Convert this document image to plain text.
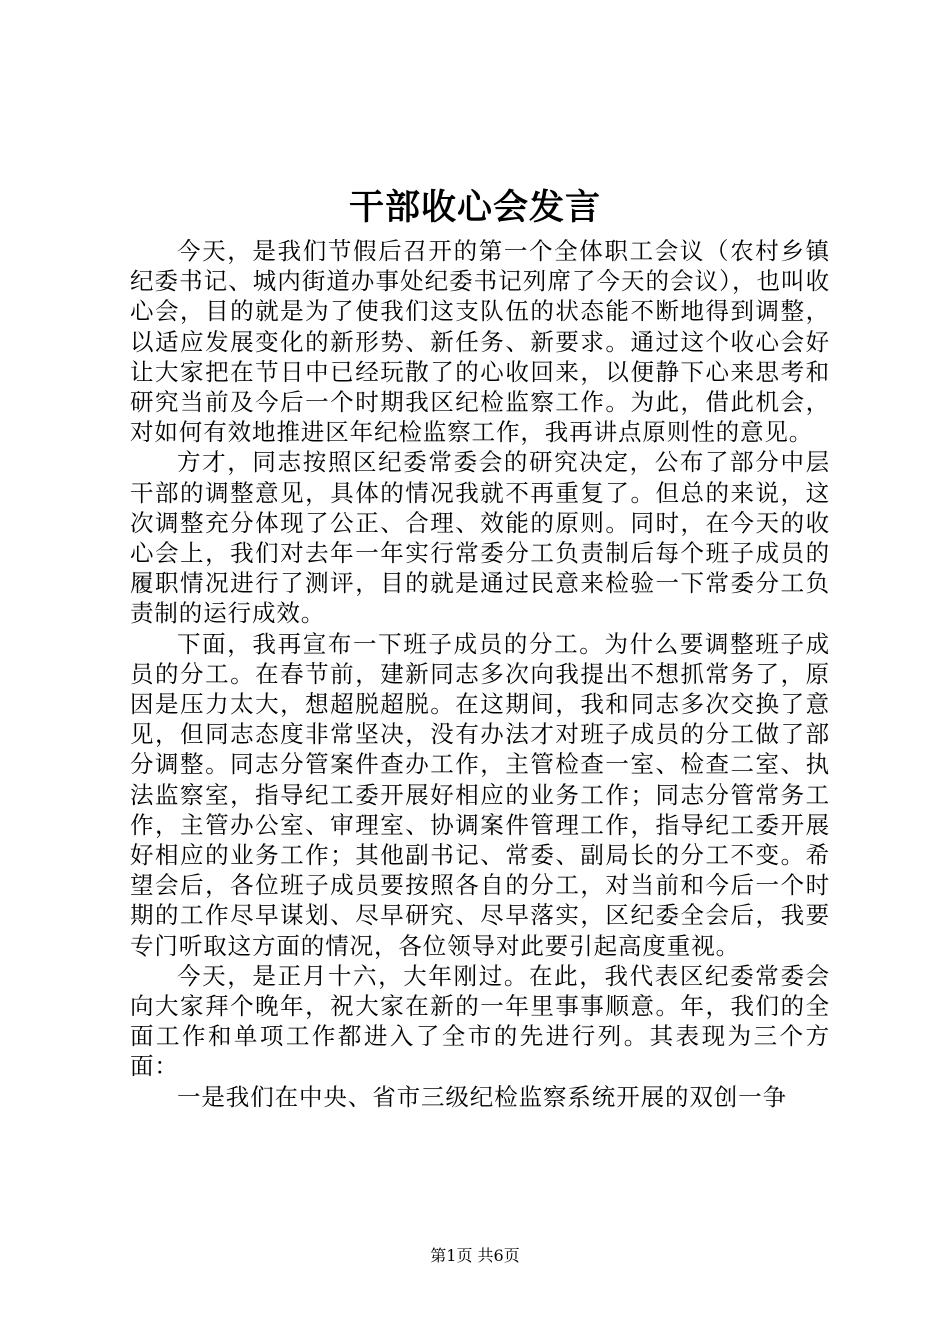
干部收心会发言

今天，是我们节假后召开的第一个全体职工会议（农村乡镇纪委书记、城内街道办事处纪委书记列席了今天的会议），也叫收心会，目的就是为了使我们这支队伍的状态能不断地得到调整，以适应发展变化的新形势、新任务、新要求。通过这个收心会好让大家把在节日中已经玩散了的心收回来，以便静下心来思考和研究当前及今后一个时期我区纪检监察工作。为此，借此机会，对如何有效地推进区年纪检监察工作，我再讲点原则性的意见。

方才，同志按照区纪委常委会的研究决定，公布了部分中层干部的调整意见，具体的情况我就不再重复了。但总的来说，这次调整充分体现了公正、合理、效能的原则。同时，在今天的收心会上，我们对去年一年实行常委分工负责制后每个班子成员的履职情况进行了测评，目的就是通过民意来检验一下常委分工负责制的运行成效。

下面，我再宣布一下班子成员的分工。为什么要调整班子成员的分工。在春节前，建新同志多次向我提出不想抓常务了，原因是压力太大，想超脱超脱。在这期间，我和同志多次交换了意见，但同志态度非常坚决，没有办法才对班子成员的分工做了部分调整。同志分管案件查办工作，主管检查一室、检查二室、执法监察室，指导纪工委开展好相应的业务工作；同志分管常务工作，主管办公室、审理室、协调案件管理工作，指导纪工委开展好相应的业务工作；其他副书记、常委、副局长的分工不变。希望会后，各位班子成员要按照各自的分工，对当前和今后一个时期的工作尽早谋划、尽早研究、尽早落实，区纪委全会后，我要专门听取这方面的情况，各位领导对此要引起高度重视。

今天，是正月十六，大年刚过。在此，我代表区纪委常委会向大家拜个晚年，祝大家在新的一年里事事顺意。年，我们的全面工作和单项工作都进入了全市的先进行列。其表现为三个方面：

一是我们在中央、省市三级纪检监察系统开展的双创一争

第1页 共6页
